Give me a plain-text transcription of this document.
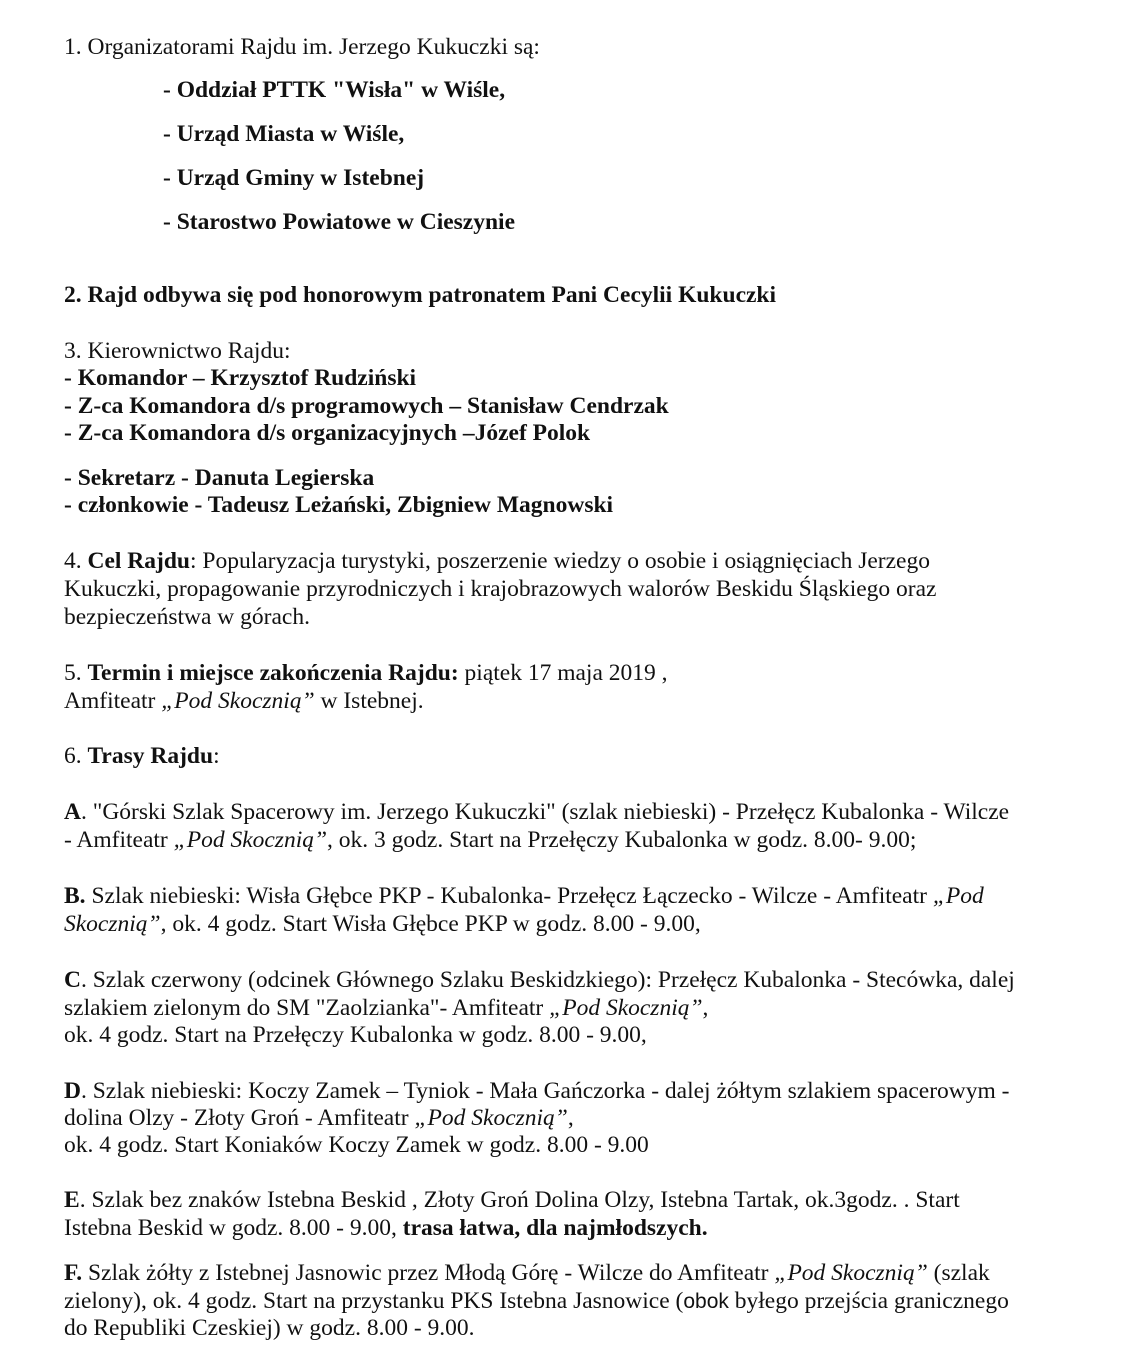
1. Organizatorami Rajdu im. Jerzego Kukuczki są:
- Oddział PTTK "Wisła" w Wiśle,
- Urząd Miasta w Wiśle,
- Urząd Gminy w Istebnej
- Starostwo Powiatowe w Cieszynie
2. Rajd odbywa się pod honorowym patronatem Pani Cecylii Kukuczki
3. Kierownictwo Rajdu:
- Komandor – Krzysztof Rudziński
- Z-ca Komandora d/s programowych – Stanisław Cendrzak
- Z-ca Komandora d/s organizacyjnych –Józef Polok
- Sekretarz - Danuta Legierska
- członkowie - Tadeusz Leżański, Zbigniew Magnowski
4. Cel Rajdu: Popularyzacja turystyki, poszerzenie wiedzy o osobie i osiągnięciach Jerzego
Kukuczki, propagowanie przyrodniczych i krajobrazowych walorów Beskidu Śląskiego oraz
bezpieczeństwa w górach.
5. Termin i miejsce zakończenia Rajdu: piątek 17 maja 2019 ,
Amfiteatr „Pod Skocznią” w Istebnej.
6. Trasy Rajdu:
A. "Górski Szlak Spacerowy im. Jerzego Kukuczki" (szlak niebieski) - Przełęcz Kubalonka - Wilcze
- Amfiteatr „Pod Skocznią”, ok. 3 godz. Start na Przełęczy Kubalonka w godz. 8.00- 9.00;
B. Szlak niebieski: Wisła Głębce PKP - Kubalonka- Przełęcz Łączecko - Wilcze - Amfiteatr „Pod
Skocznią”, ok. 4 godz. Start Wisła Głębce PKP w godz. 8.00 - 9.00,
C. Szlak czerwony (odcinek Głównego Szlaku Beskidzkiego): Przełęcz Kubalonka - Stecówka, dalej
szlakiem zielonym do SM "Zaolzianka"- Amfiteatr „Pod Skocznią”,
ok. 4 godz. Start na Przełęczy Kubalonka w godz. 8.00 - 9.00,
D. Szlak niebieski: Koczy Zamek – Tyniok - Mała Gańczorka - dalej żółtym szlakiem spacerowym -
dolina Olzy - Złoty Groń - Amfiteatr „Pod Skocznią”,
ok. 4 godz. Start Koniaków Koczy Zamek w godz. 8.00 - 9.00
E. Szlak bez znaków Istebna Beskid , Złoty Groń Dolina Olzy, Istebna Tartak, ok.3godz. . Start
Istebna Beskid w godz. 8.00 - 9.00, trasa łatwa, dla najmłodszych.
F. Szlak żółty z Istebnej Jasnowic przez Młodą Górę - Wilcze do Amfiteatr „Pod Skocznią” (szlak
zielony), ok. 4 godz. Start na przystanku PKS Istebna Jasnowice (obok byłego przejścia granicznego
do Republiki Czeskiej) w godz. 8.00 - 9.00.
